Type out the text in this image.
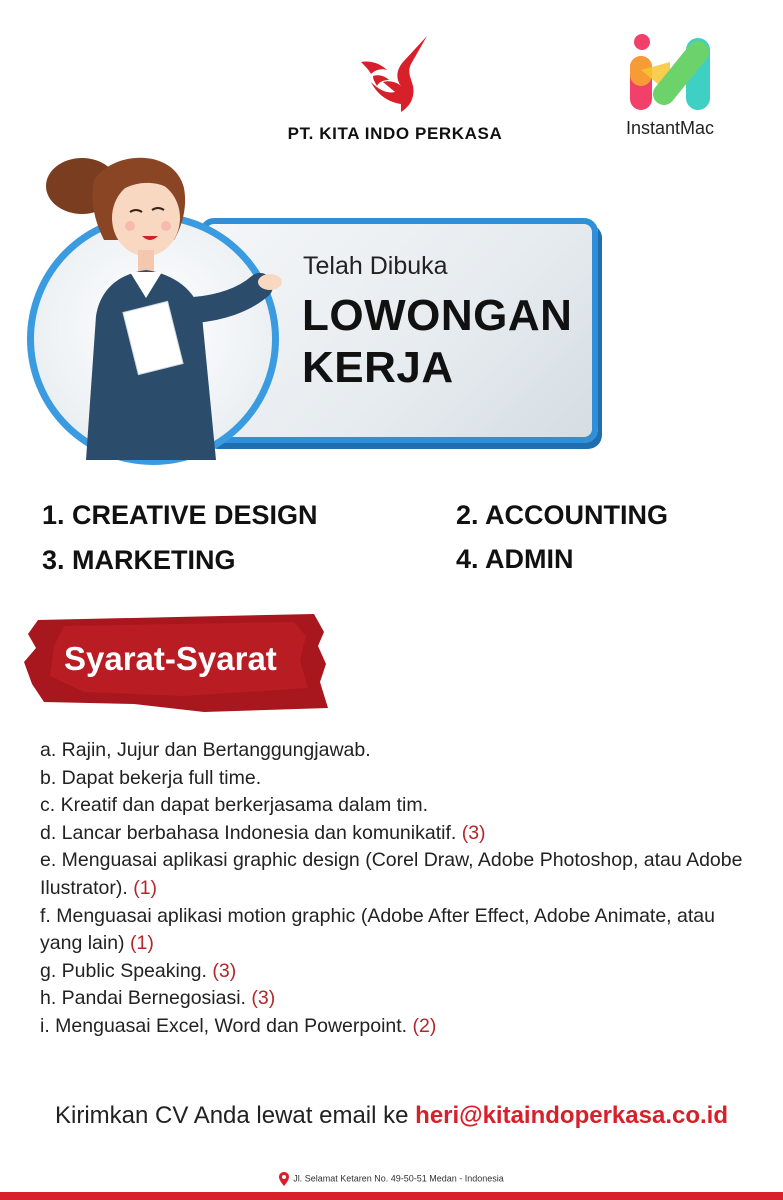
PT. KITA INDO PERKASA	InstantMac
Telah Dibuka
LOWONGAN
KERJA
1. CREATIVE DESIGN	2. ACCOUNTING
3. MARKETING	4. ADMIN
Syarat-Syarat
a. Rajin, Jujur dan Bertanggungjawab.
b. Dapat bekerja full time.
c. Kreatif dan dapat berkerjasama dalam tim.
d. Lancar berbahasa Indonesia dan komunikatif. (3)
e. Menguasai aplikasi graphic design (Corel Draw, Adobe Photoshop, atau Adobe Ilustrator). (1)
f. Menguasai aplikasi motion graphic (Adobe After Effect, Adobe Animate, atau yang lain) (1)
g. Public Speaking. (3)
h. Pandai Bernegosiasi. (3)
i. Menguasai Excel, Word dan Powerpoint. (2)
Kirimkan CV Anda lewat email ke heri@kitaindoperkasa.co.id
Jl. Selamat Ketaren No. 49-50-51 Medan - Indonesia
